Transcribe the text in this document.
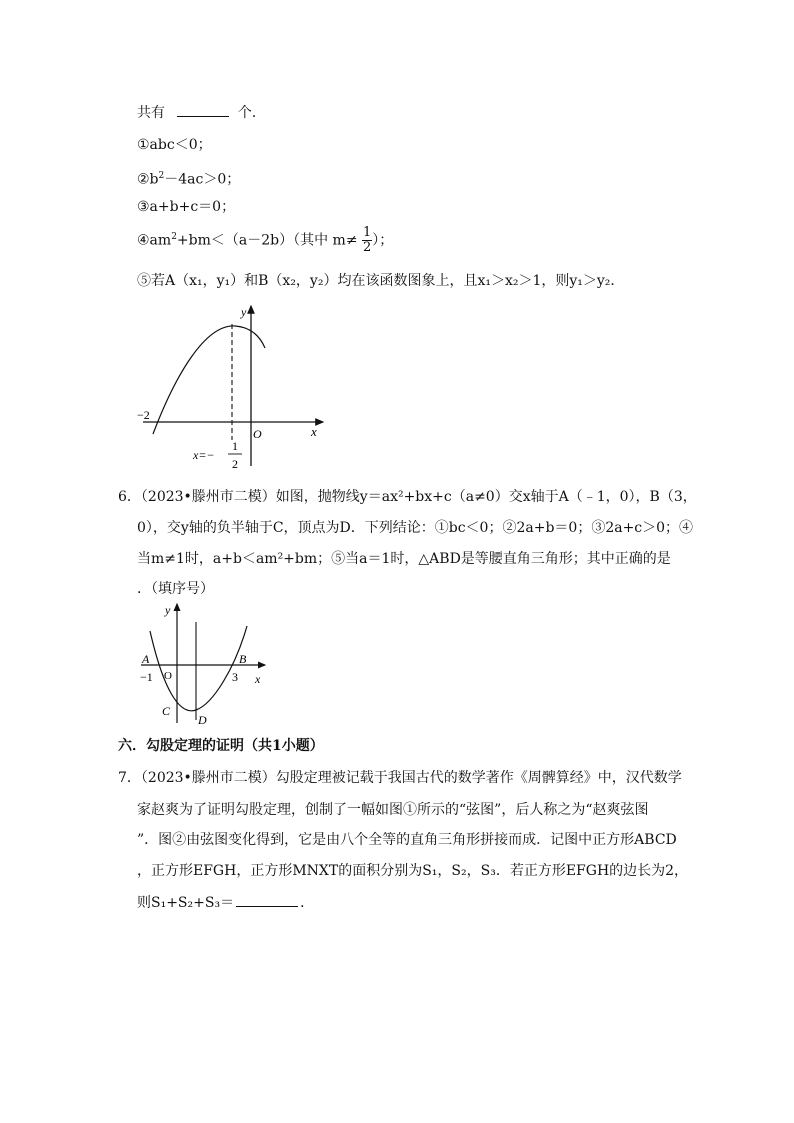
共有	个．
①abc＜0；
$②b^2-4ac>0$；
③a+b+c＝0；
$④am^2+bm<(a-2b)$（其中 $m\ne \frac{1}{2}$ ）；
⑤若A（x₁，y₁）和B（x₂，y₂）均在该函数图象上，且x₁＞x₂＞1，则y₁＞y₂．
y
x
O
−2
x=−
1
2
6．（2023•滕州市二模）如图，抛物线y＝ax²+bx+c（a≠0）交x轴于A（﹣1，0），B（3，
0），交y轴的负半轴于C，顶点为D．下列结论：①bc＜0；②2a+b＝0；③2a+c＞0；④
当m≠1时，a+b＜am²+bm；⑤当a＝1时，△ABD是等腰直角三角形；其中正确的是
．（填序号）
y
x
A	B
C
D
O
−1	3
六．勾股定理的证明（共1小题）
7．（2023•滕州市二模）勾股定理被记载于我国古代的数学著作《周髀算经》中，汉代数学
家赵爽为了证明勾股定理，创制了一幅如图①所示的“弦图”，后人称之为“赵爽弦图
”．图②由弦图变化得到，它是由八个全等的直角三角形拼接而成．记图中正方形ABCD
，正方形EFGH，正方形MNXT的面积分别为S₁，S₂，S₃．若正方形EFGH的边长为2，
则S₁+S₂+S₃＝	．
